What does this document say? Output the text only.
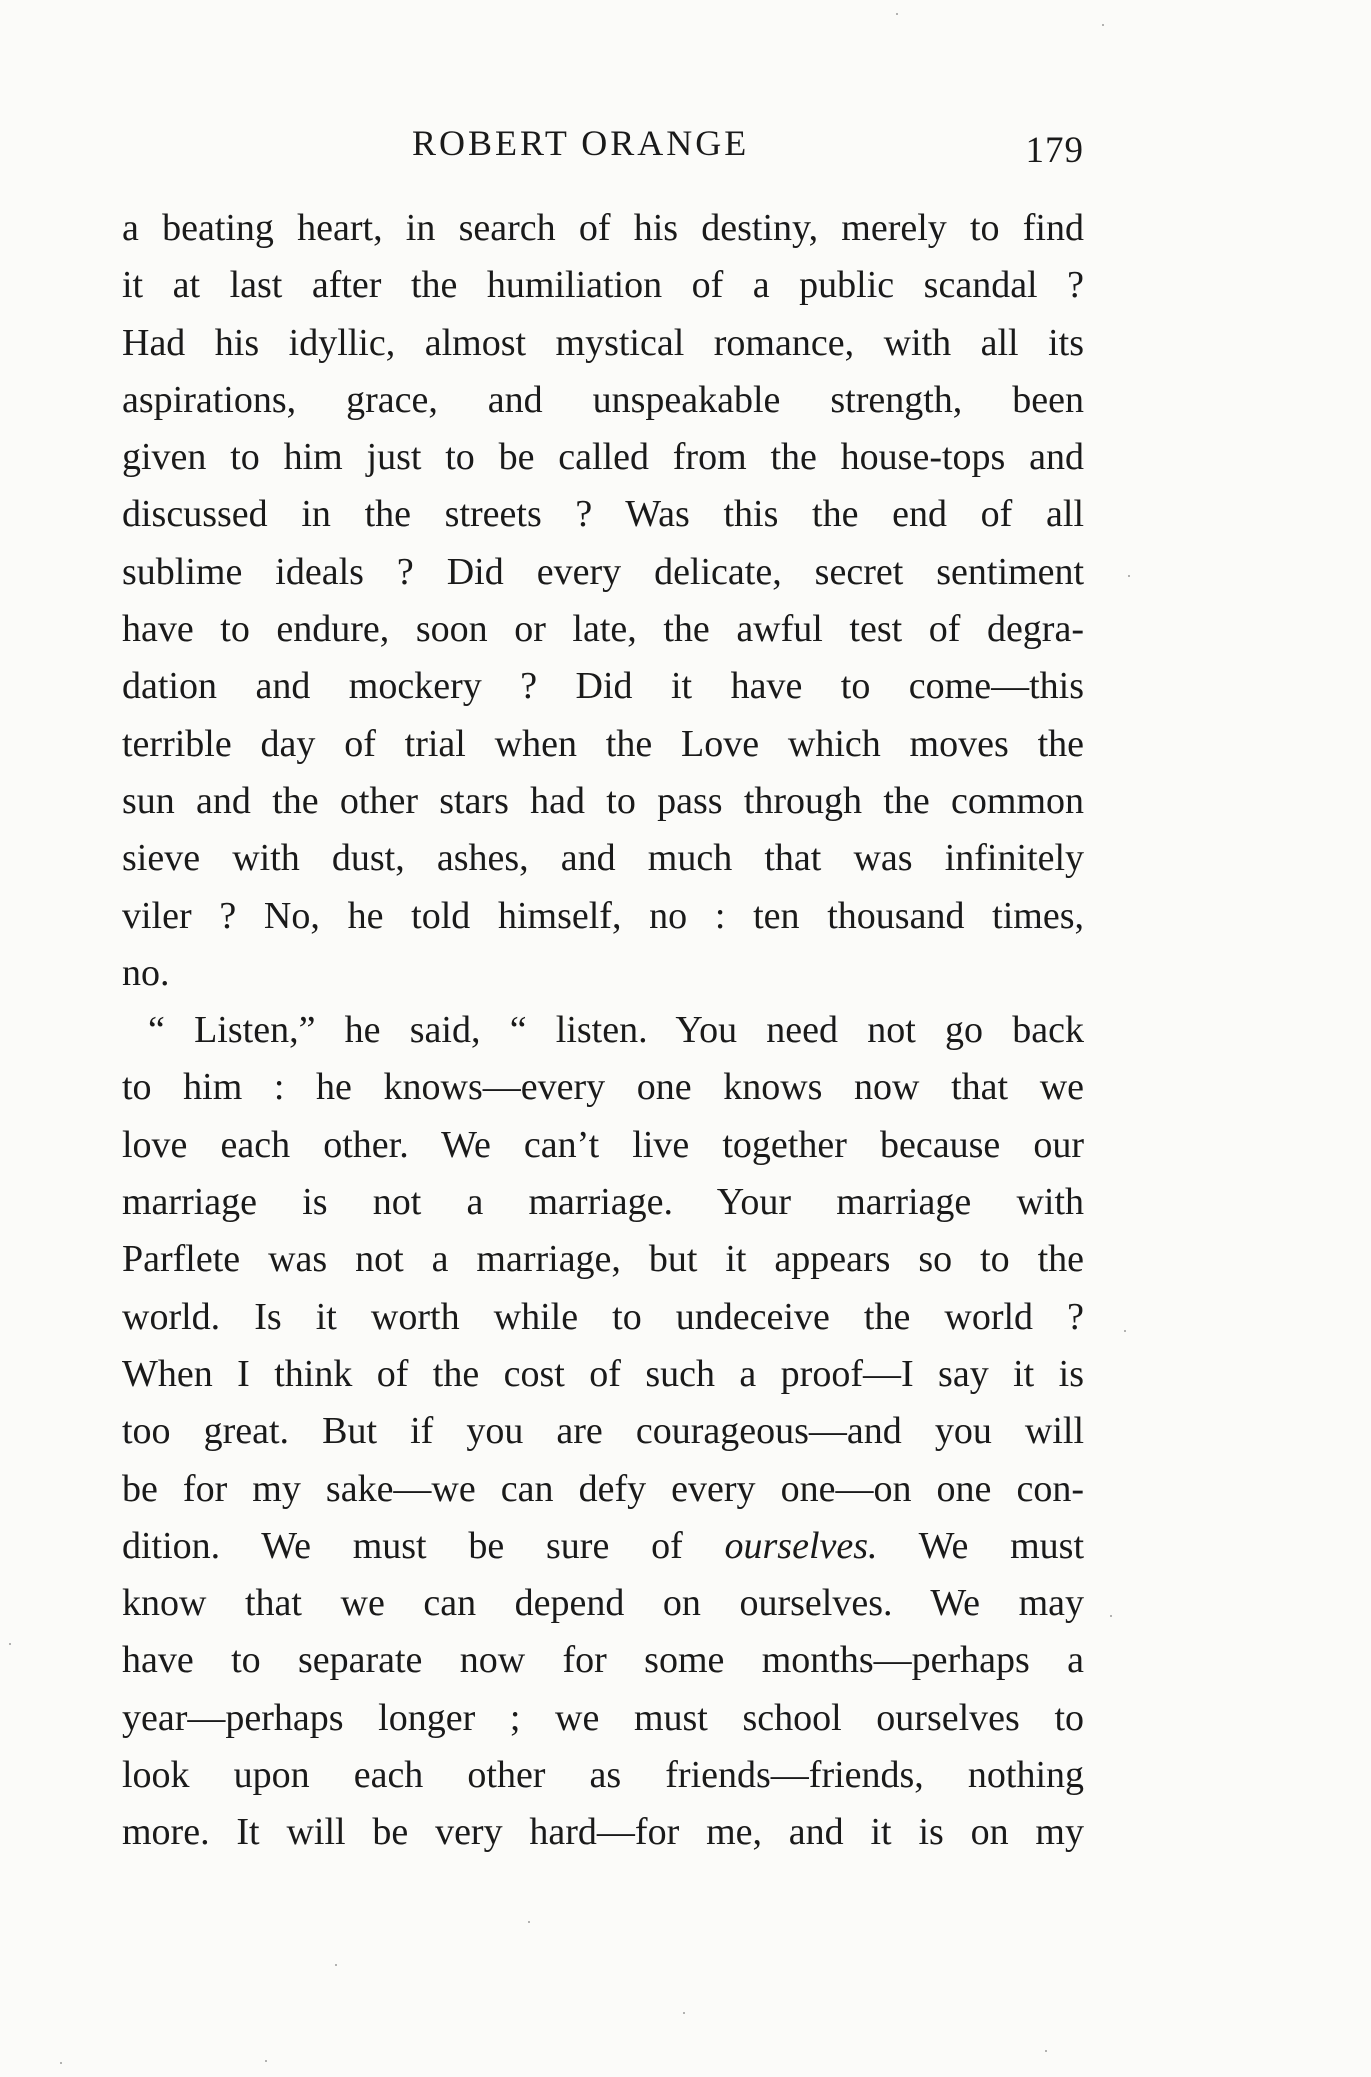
ROBERT ORANGE	179
a beating heart, in search of his destiny, merely to find
it at last after the humiliation of a public scandal ?
Had his idyllic, almost mystical romance, with all its
aspirations, grace, and unspeakable strength, been
given to him just to be called from the house-tops and
discussed in the streets ? Was this the end of all
sublime ideals ? Did every delicate, secret sentiment
have to endure, soon or late, the awful test of degra-
dation and mockery ? Did it have to come—this
terrible day of trial when the Love which moves the
sun and the other stars had to pass through the common
sieve with dust, ashes, and much that was infinitely
viler ? No, he told himself, no : ten thousand times,
no.
“ Listen,” he said, “ listen. You need not go back
to him : he knows—every one knows now that we
love each other. We can’t live together because our
marriage is not a marriage. Your marriage with
Parflete was not a marriage, but it appears so to the
world. Is it worth while to undeceive the world ?
When I think of the cost of such a proof—I say it is
too great. But if you are courageous—and you will
be for my sake—we can defy every one—on one con-
dition. We must be sure of ourselves. We must
know that we can depend on ourselves. We may
have to separate now for some months—perhaps a
year—perhaps longer ; we must school ourselves to
look upon each other as friends—friends, nothing
more. It will be very hard—for me, and it is on my
